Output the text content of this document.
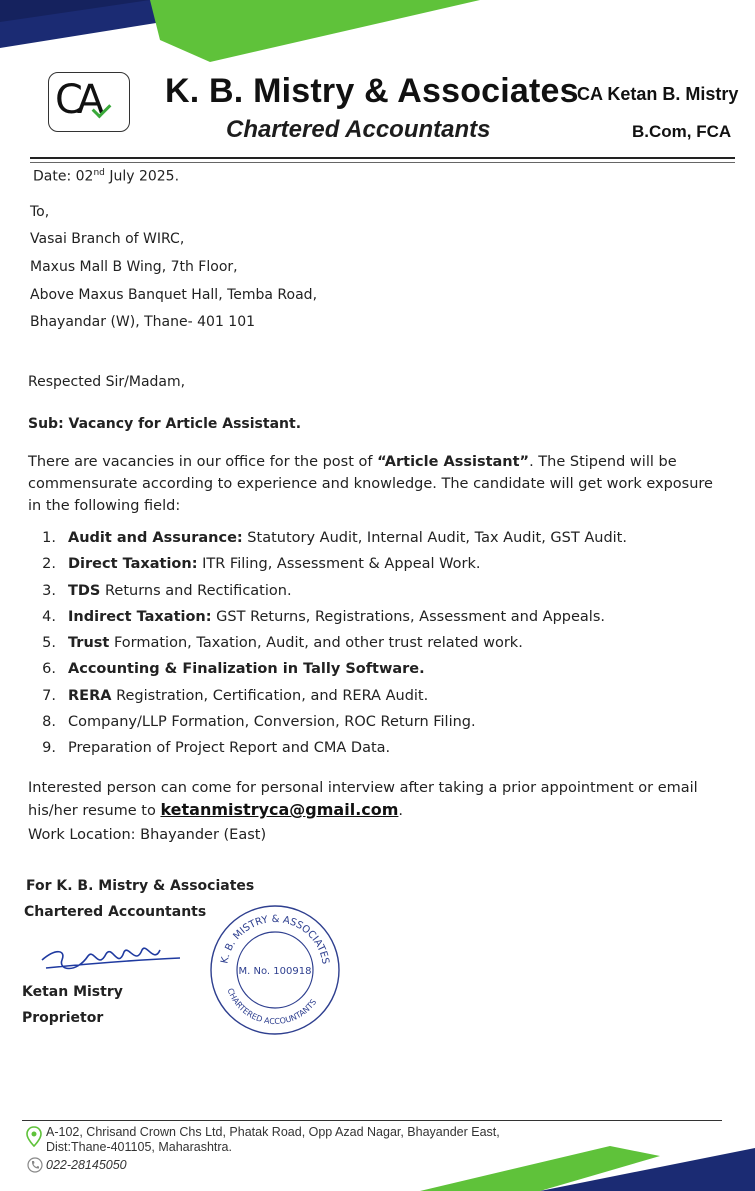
CA K. B. Mistry & Associates
Chartered Accountants
CA Ketan B. Mistry
B.Com, FCA
Date: 02nd July 2025.
To,
Vasai Branch of WIRC,
Maxus Mall B Wing, 7th Floor,
Above Maxus Banquet Hall, Temba Road,
Bhayandar (W), Thane- 401 101
Respected Sir/Madam,
Sub: Vacancy for Article Assistant.
There are vacancies in our office for the post of “Article Assistant”. The Stipend will be commensurate according to experience and knowledge. The candidate will get work exposure in the following field:
1. Audit and Assurance: Statutory Audit, Internal Audit, Tax Audit, GST Audit.
2. Direct Taxation: ITR Filing, Assessment & Appeal Work.
3. TDS Returns and Rectification.
4. Indirect Taxation: GST Returns, Registrations, Assessment and Appeals.
5. Trust Formation, Taxation, Audit, and other trust related work.
6. Accounting & Finalization in Tally Software.
7. RERA Registration, Certification, and RERA Audit.
8. Company/LLP Formation, Conversion, ROC Return Filing.
9. Preparation of Project Report and CMA Data.
Interested person can come for personal interview after taking a prior appointment or email
his/her resume to ketanmistryca@gmail.com.
Work Location: Bhayander (East)
For K. B. Mistry & Associates
Chartered Accountants
Ketan Mistry
Proprietor
K. B. MISTRY & ASSOCIATES
CHARTERED ACCOUNTANTS
M. No. 100918
A-102, Chrisand Crown Chs Ltd, Phatak Road, Opp Azad Nagar, Bhayander East,
Dist:Thane-401105, Maharashtra.
022-28145050
